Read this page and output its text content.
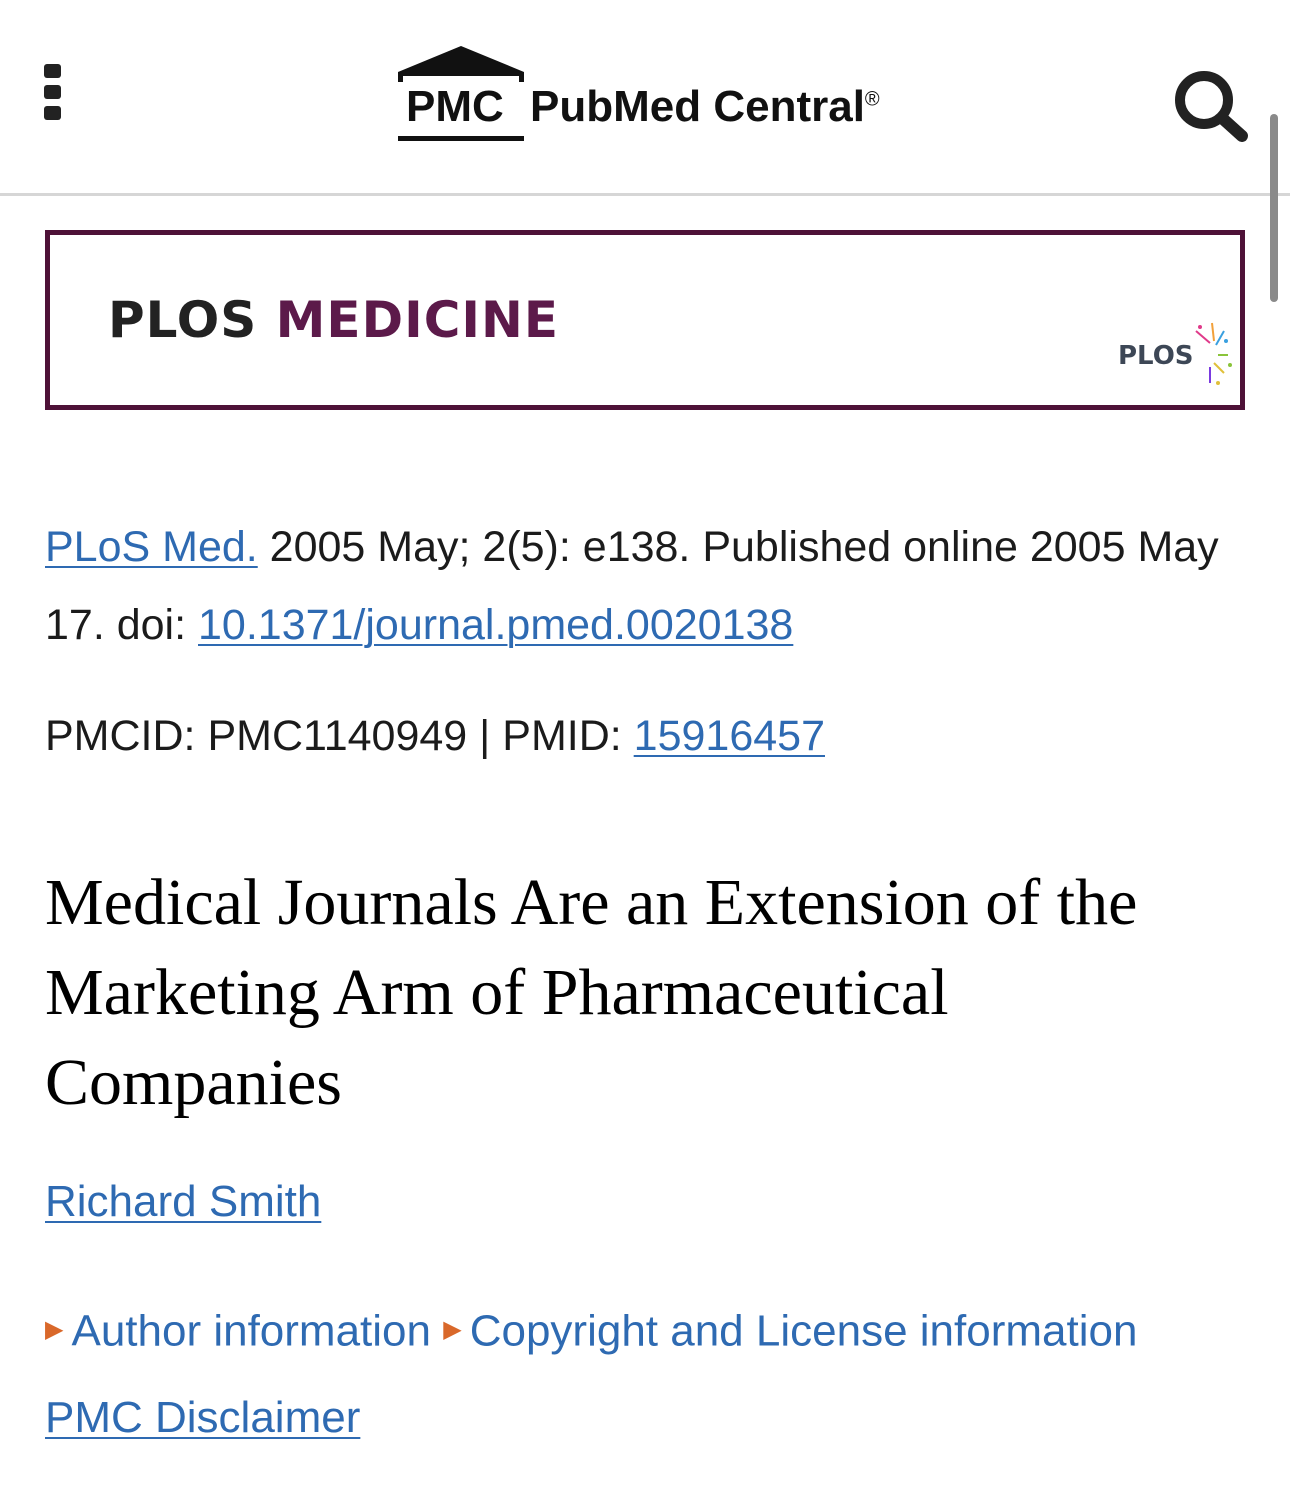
PMC PubMed Central®
PLOS MEDICINE
PLOS
PLoS Med. 2005 May; 2(5): e138. Published online 2005 May 17. doi: 10.1371/journal.pmed.0020138
PMCID: PMC1140949 | PMID: 15916457
Medical Journals Are an Extension of the Marketing Arm of Pharmaceutical Companies
Richard Smith
▶ Author information ▶ Copyright and License informationPMC Disclaimer
